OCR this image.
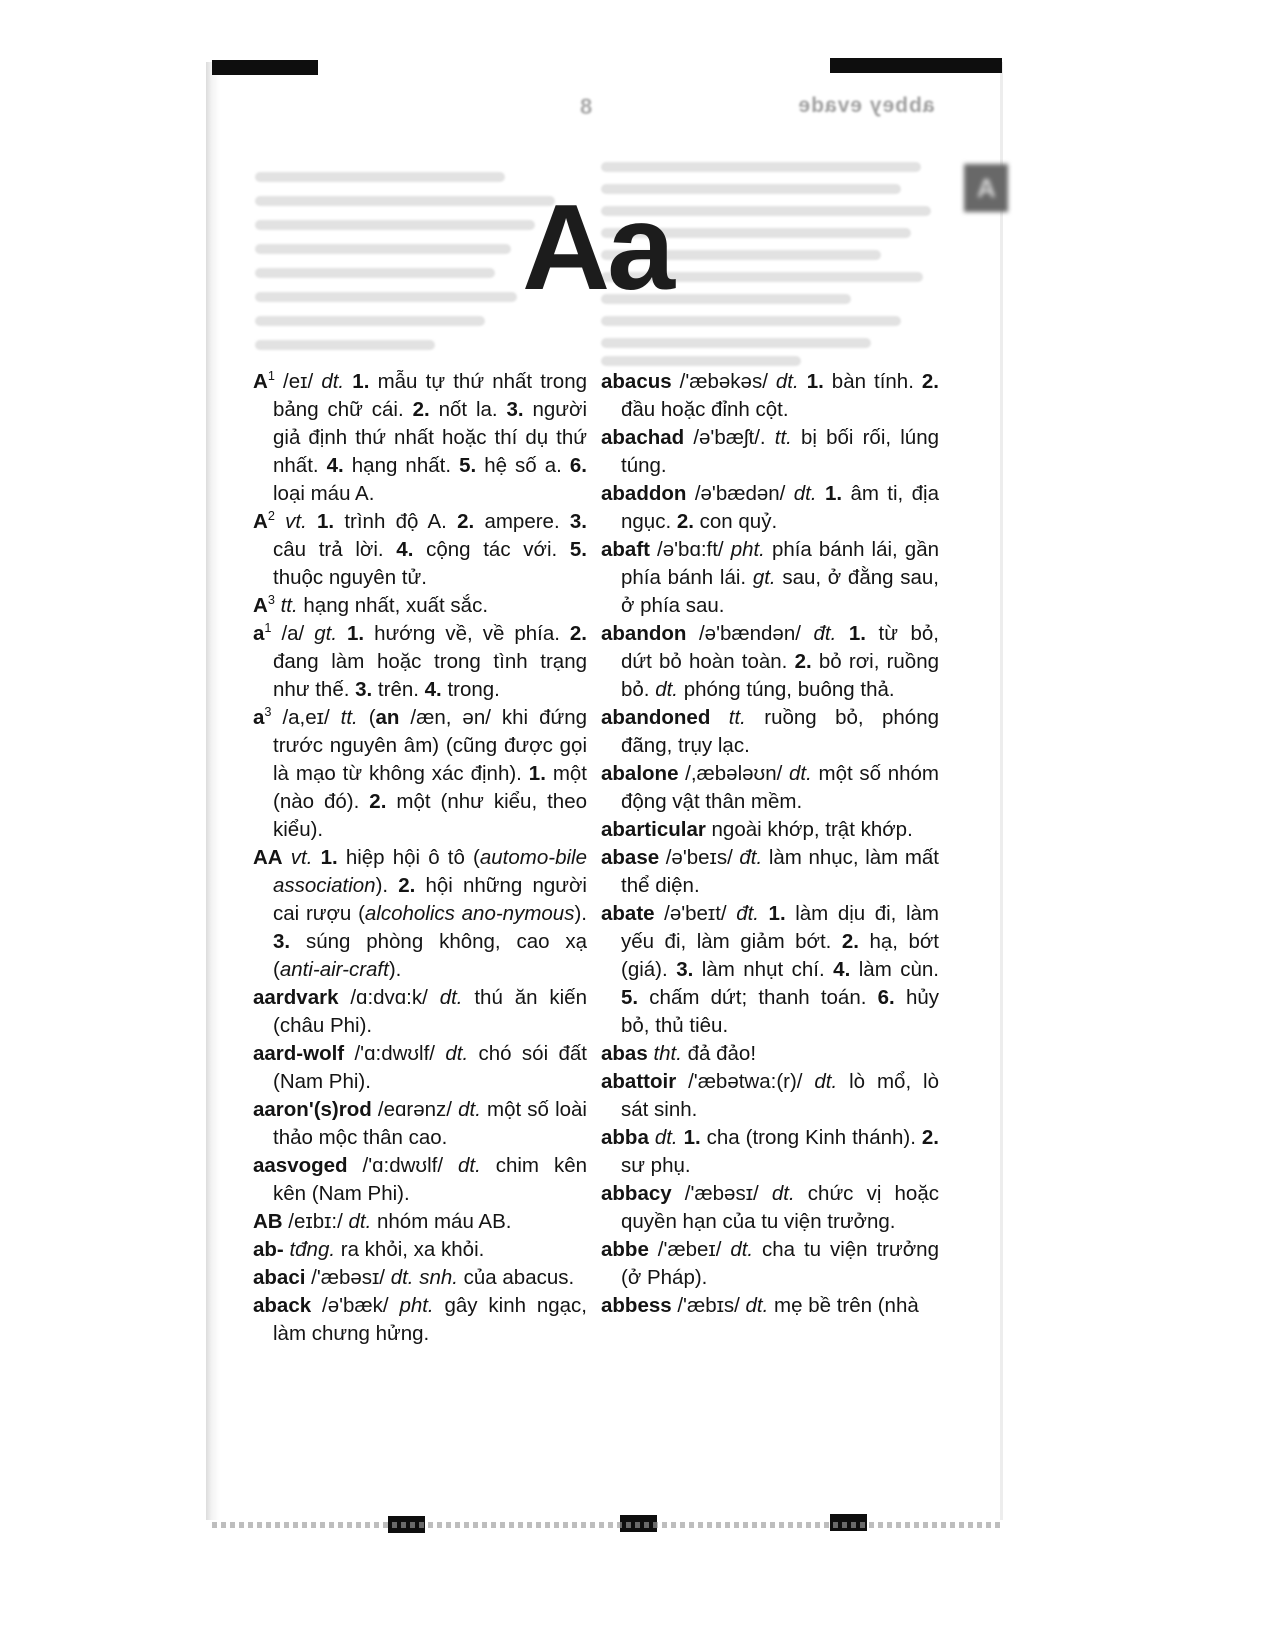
abbey evade
8
A
Aa

$A^1$ /eɪ/ dt. 1. mẫu tự thứ nhất trong bảng chữ cái. 2. nốt la. 3. người giả định thứ nhất hoặc thí dụ thứ nhất. 4. hạng nhất. 5. hệ số a. 6. loại máu A.

$A^2$ vt. 1. trình độ A. 2. ampere. 3. câu trả lời. 4. cộng tác với. 5. thuộc nguyên tử.

$A^3$ tt. hạng nhất, xuất sắc.

$a^1$ /a/ gt. 1. hướng về, về phía. 2. đang làm hoặc trong tình trạng như thế. 3. trên. 4. trong.

$a^3$ /a,eɪ/ tt. (an /æn, ən/ khi đứng trước nguyên âm) (cũng được gọi là mạo từ không xác định). 1. một (nào đó). 2. một (như kiểu, theo kiểu).

AA vt. 1. hiệp hội ô tô (automo-bile association). 2. hội những người cai rượu (alcoholics ano-nymous). 3. súng phòng không, cao xạ (anti-air-craft).

aardvark /ɑ:dvɑ:k/ dt. thú ăn kiến (châu Phi).

aard-wolf /'ɑ:dwʊlf/ dt. chó sói đất (Nam Phi).

aaron'(s)rod /eɑrənz/ dt. một số loài thảo mộc thân cao.

aasvoged /'ɑ:dwʊlf/ dt. chim kên kên (Nam Phi).

AB /eɪbɪ:/ dt. nhóm máu AB.

ab- tđng. ra khỏi, xa khỏi.

abaci /'æbəsɪ/ dt. snh. của abacus.

aback /ə'bæk/ pht. gây kinh ngạc, làm chưng hửng.

abacus /'æbəkəs/ dt. 1. bàn tính. 2. đầu hoặc đỉnh cột.

abachad /ə'bæʃt/. tt. bị bối rối, lúng túng.

abaddon /ə'bædən/ dt. 1. âm ti, địa ngục. 2. con quỷ.

abaft /ə'bɑ:ft/ pht. phía bánh lái, gần phía bánh lái. gt. sau, ở đằng sau, ở phía sau.

abandon /ə'bændən/ đt. 1. từ bỏ, dứt bỏ hoàn toàn. 2. bỏ rơi, ruồng bỏ. dt. phóng túng, buông thả.

abandoned tt. ruồng bỏ, phóng đãng, trụy lạc.

abalone /,æbələʊn/ dt. một số nhóm động vật thân mềm.

abarticular ngoài khớp, trật khớp.

abase /ə'beɪs/ đt. làm nhục, làm mất thể diện.

abate /ə'beɪt/ đt. 1. làm dịu đi, làm yếu đi, làm giảm bớt. 2. hạ, bớt (giá). 3. làm nhụt chí. 4. làm cùn. 5. chấm dứt; thanh toán. 6. hủy bỏ, thủ tiêu.

abas tht. đả đảo!

abattoir /'æbətwa:(r)/ dt. lò mổ, lò sát sinh.

abba dt. 1. cha (trong Kinh thánh). 2. sư phụ.

abbacy /'æbəsɪ/ dt. chức vị hoặc quyền hạn của tu viện trưởng.

abbe /'æbeɪ/ dt. cha tu viện trưởng (ở Pháp).

abbess /'æbɪs/ dt. mẹ bề trên (nhà
